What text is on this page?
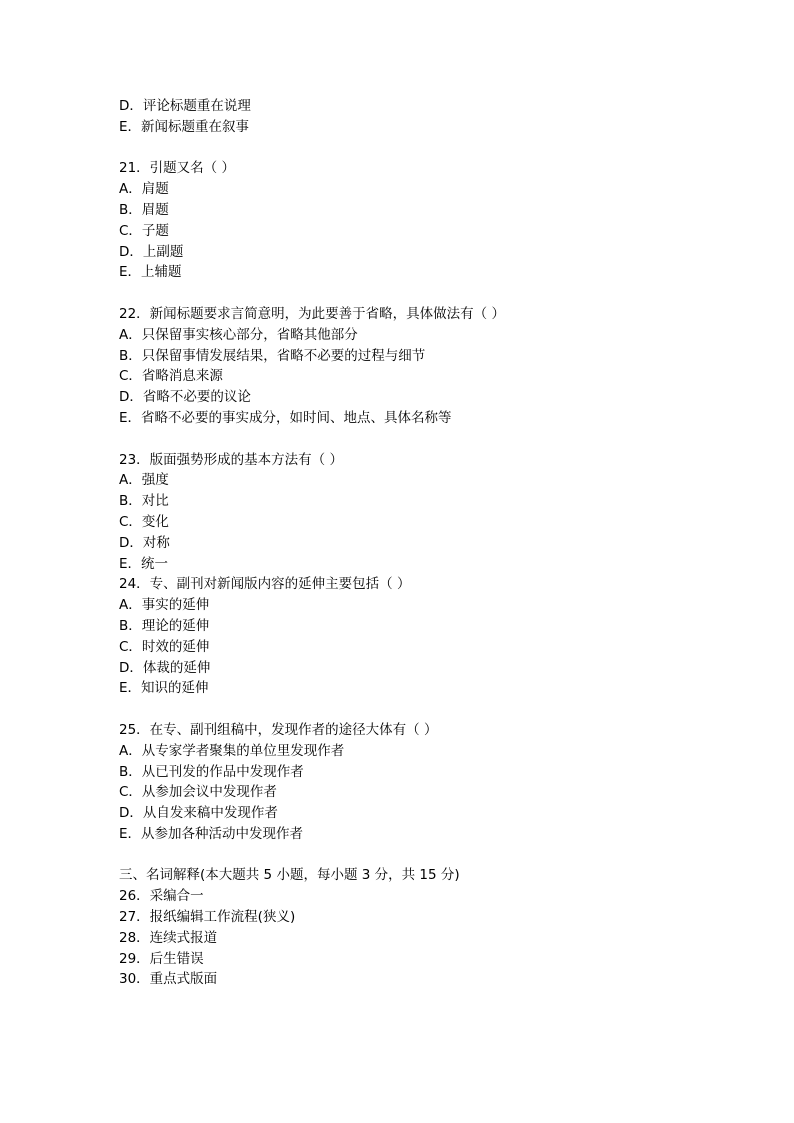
D．评论标题重在说理
E．新闻标题重在叙事
21．引题又名（ ）
A．肩题
B．眉题
C．子题
D．上副题
E．上辅题
22．新闻标题要求言简意明，为此要善于省略，具体做法有（ ）
A．只保留事实核心部分，省略其他部分
B．只保留事情发展结果，省略不必要的过程与细节
C．省略消息来源
D．省略不必要的议论
E．省略不必要的事实成分，如时间、地点、具体名称等
23．版面强势形成的基本方法有（ ）
A．强度
B．对比
C．变化
D．对称
E．统一
24．专、副刊对新闻版内容的延伸主要包括（ ）
A．事实的延伸
B．理论的延伸
C．时效的延伸
D．体裁的延伸
E．知识的延伸
25．在专、副刊组稿中，发现作者的途径大体有（ ）
A．从专家学者聚集的单位里发现作者
B．从已刊发的作品中发现作者
C．从参加会议中发现作者
D．从自发来稿中发现作者
E．从参加各种活动中发现作者
三、名词解释(本大题共 5 小题，每小题 3 分，共 15 分)
26．采编合一
27．报纸编辑工作流程(狭义)
28．连续式报道
29．后生错误
30．重点式版面
